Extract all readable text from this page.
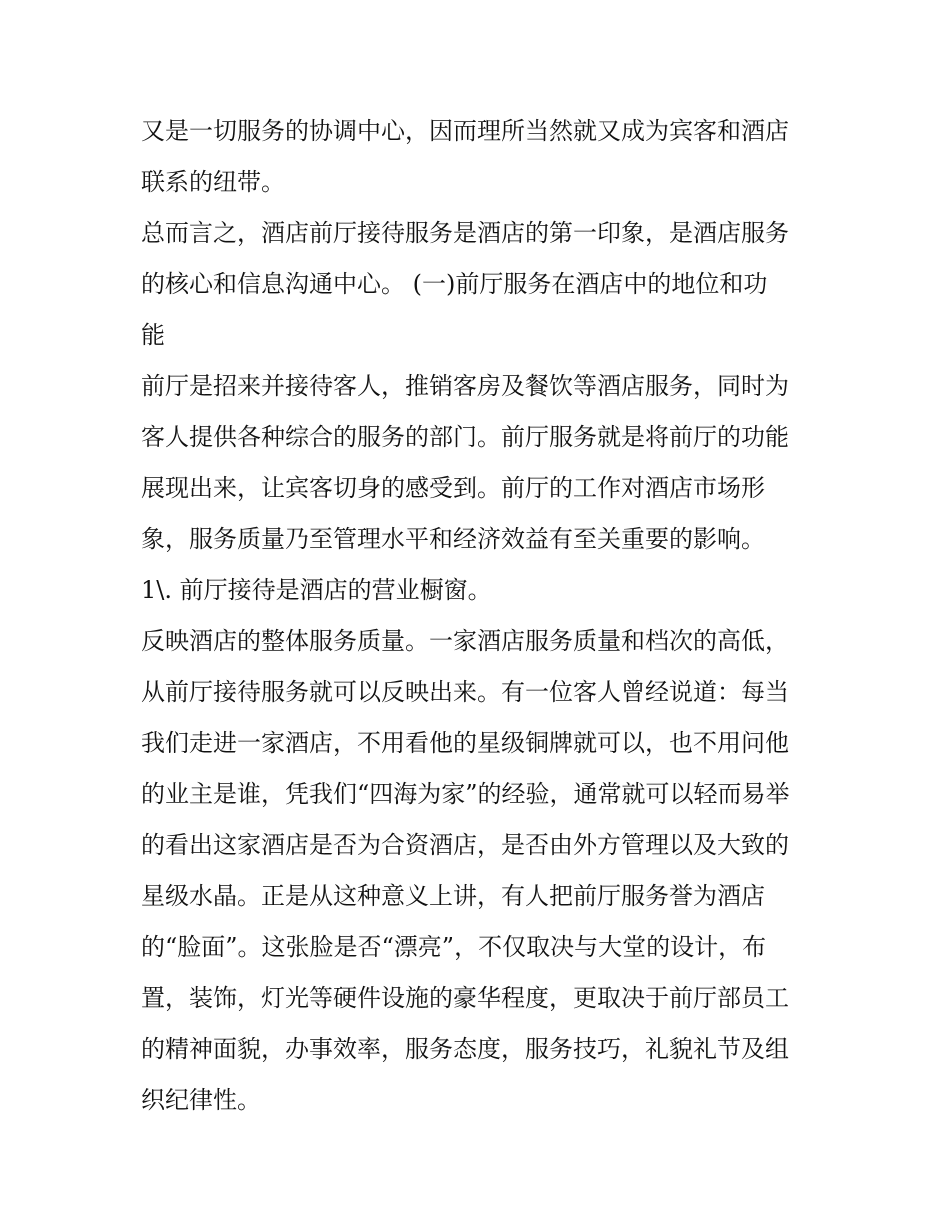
又是一切服务的协调中心，因而理所当然就又成为宾客和酒店
联系的纽带。
总而言之，酒店前厅接待服务是酒店的第一印象，是酒店服务
的核心和信息沟通中心。 (一)前厅服务在酒店中的地位和功
能
前厅是招来并接待客人，推销客房及餐饮等酒店服务，同时为
客人提供各种综合的服务的部门。前厅服务就是将前厅的功能
展现出来，让宾客切身的感受到。前厅的工作对酒店市场形
象，服务质量乃至管理水平和经济效益有至关重要的影响。
1\. 前厅接待是酒店的营业橱窗。
反映酒店的整体服务质量。一家酒店服务质量和档次的高低，
从前厅接待服务就可以反映出来。有一位客人曾经说道：每当
我们走进一家酒店，不用看他的星级铜牌就可以，也不用问他
的业主是谁，凭我们“四海为家”的经验，通常就可以轻而易举
的看出这家酒店是否为合资酒店，是否由外方管理以及大致的
星级水晶。正是从这种意义上讲，有人把前厅服务誉为酒店
的“脸面”。这张脸是否“漂亮”，不仅取决与大堂的设计，布
置，装饰，灯光等硬件设施的豪华程度，更取决于前厅部员工
的精神面貌，办事效率，服务态度，服务技巧，礼貌礼节及组
织纪律性。
